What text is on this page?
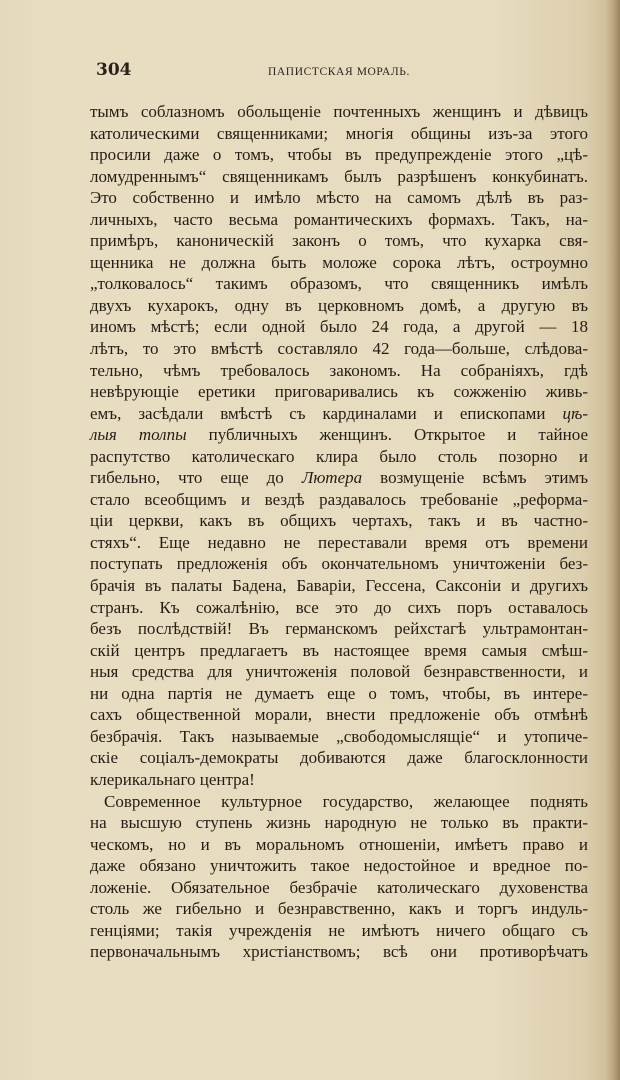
304	ПАПИСТСКАЯ МОРАЛЬ.

тымъ соблазномъ обольщеніе почтенныхъ женщинъ и дѣвицъ
католическими священниками; многія общины изъ-за этого
просили даже о томъ, чтобы въ предупрежденіе этого „цѣ-
ломудреннымъ“ священникамъ былъ разрѣшенъ конкубинатъ.
Это собственно и имѣло мѣсто на самомъ дѣлѣ въ раз-
личныхъ, часто весьма романтическихъ формахъ. Такъ, на-
примѣръ, каноническій законъ о томъ, что кухарка свя-
щенника не должна быть моложе сорока лѣтъ, остроумно
„толковалось“ такимъ образомъ, что священникъ имѣлъ
двухъ кухарокъ, одну въ церковномъ домѣ, а другую въ
иномъ мѣстѣ; если одной было 24 года, а другой — 18
лѣтъ, то это вмѣстѣ составляло 42 года—больше, слѣдова-
тельно, чѣмъ требовалось закономъ. На собраніяхъ, гдѣ
невѣрующіе еретики приговаривались къ сожженію живь-
емъ, засѣдали вмѣстѣ съ кардиналами и епископами цѣ-
лыя толпы публичныхъ женщинъ. Открытое и тайное
распутство католическаго клира было столь позорно и
гибельно, что еще до Лютера возмущеніе всѣмъ этимъ
стало всеобщимъ и вездѣ раздавалось требованіе „реформа-
ціи церкви, какъ въ общихъ чертахъ, такъ и въ частно-
стяхъ“. Еще недавно не переставали время отъ времени
поступать предложенія объ окончательномъ уничтоженіи без-
брачія въ палаты Бадена, Баваріи, Гессена, Саксоніи и другихъ
странъ. Къ сожалѣнію, все это до сихъ поръ оставалось
безъ послѣдствій! Въ германскомъ рейхстагѣ ультрамонтан-
скій центръ предлагаетъ въ настоящее время самыя смѣш-
ныя средства для уничтоженія половой безнравственности, и
ни одна партія не думаетъ еще о томъ, чтобы, въ интере-
сахъ общественной морали, внести предложеніе объ отмѣнѣ
безбрачія. Такъ называемые „свободомыслящіе“ и утопиче-
скіе соціалъ-демократы добиваются даже благосклонности
клерикальнаго центра!
Современное культурное государство, желающее поднять
на высшую ступень жизнь народную не только въ практи-
ческомъ, но и въ моральномъ отношеніи, имѣетъ право и
даже обязано уничтожить такое недостойное и вредное по-
ложеніе. Обязательное безбрачіе католическаго духовенства
столь же гибельно и безнравственно, какъ и торгъ индуль-
генціями; такія учрежденія не имѣютъ ничего общаго съ
первоначальнымъ христіанствомъ; всѣ они противорѣчатъ
